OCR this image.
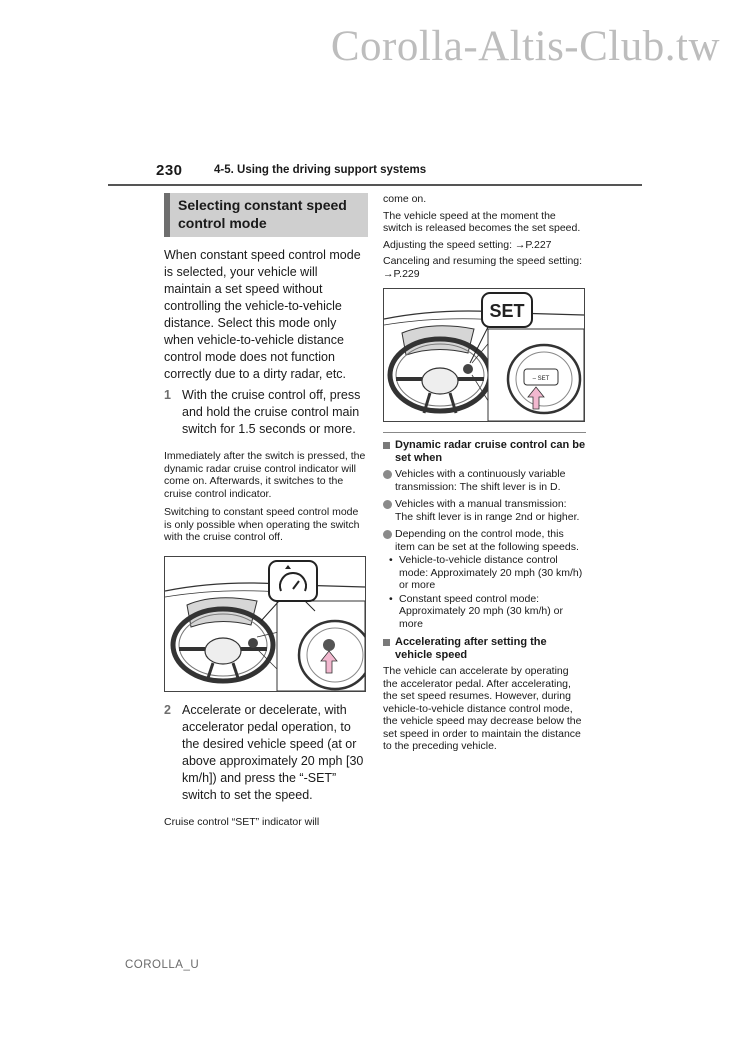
Corolla-Altis-Club.tw
230	4-5. Using the driving support systems
Selecting constant speed control mode

When constant speed control mode is selected, your vehicle will maintain a set speed without controlling the vehicle-to-vehicle distance. Select this mode only when vehicle-to-vehicle distance control mode does not function correctly due to a dirty radar, etc.

1 With the cruise control off, press and hold the cruise control main switch for 1.5 seconds or more.

Immediately after the switch is pressed, the dynamic radar cruise control indicator will come on. Afterwards, it switches to the cruise control indicator.

Switching to constant speed control mode is only possible when operating the switch with the cruise control off.

2 Accelerate or decelerate, with accelerator pedal operation, to the desired vehicle speed (at or above approximately 20 mph [30 km/h]) and press the “-SET” switch to set the speed.

Cruise control “SET” indicator will

come on.

The vehicle speed at the moment the switch is released becomes the set speed.

Adjusting the speed setting: →P.227

Canceling and resuming the speed setting: →P.229

– SET
SET
Dynamic radar cruise control can be set when
Vehicles with a continuously variable transmission: The shift lever is in D.
Vehicles with a manual transmission: The shift lever is in range 2nd or higher.
Depending on the control mode, this item can be set at the following speeds.
• Vehicle-to-vehicle distance control mode: Approximately 20 mph (30 km/h) or more
• Constant speed control mode: Approximately 20 mph (30 km/h) or more
Accelerating after setting the vehicle speed

The vehicle can accelerate by operating the accelerator pedal. After accelerating, the set speed resumes. However, during vehicle-to-vehicle distance control mode, the vehicle speed may decrease below the set speed in order to maintain the distance to the preceding vehicle.

COROLLA_U
